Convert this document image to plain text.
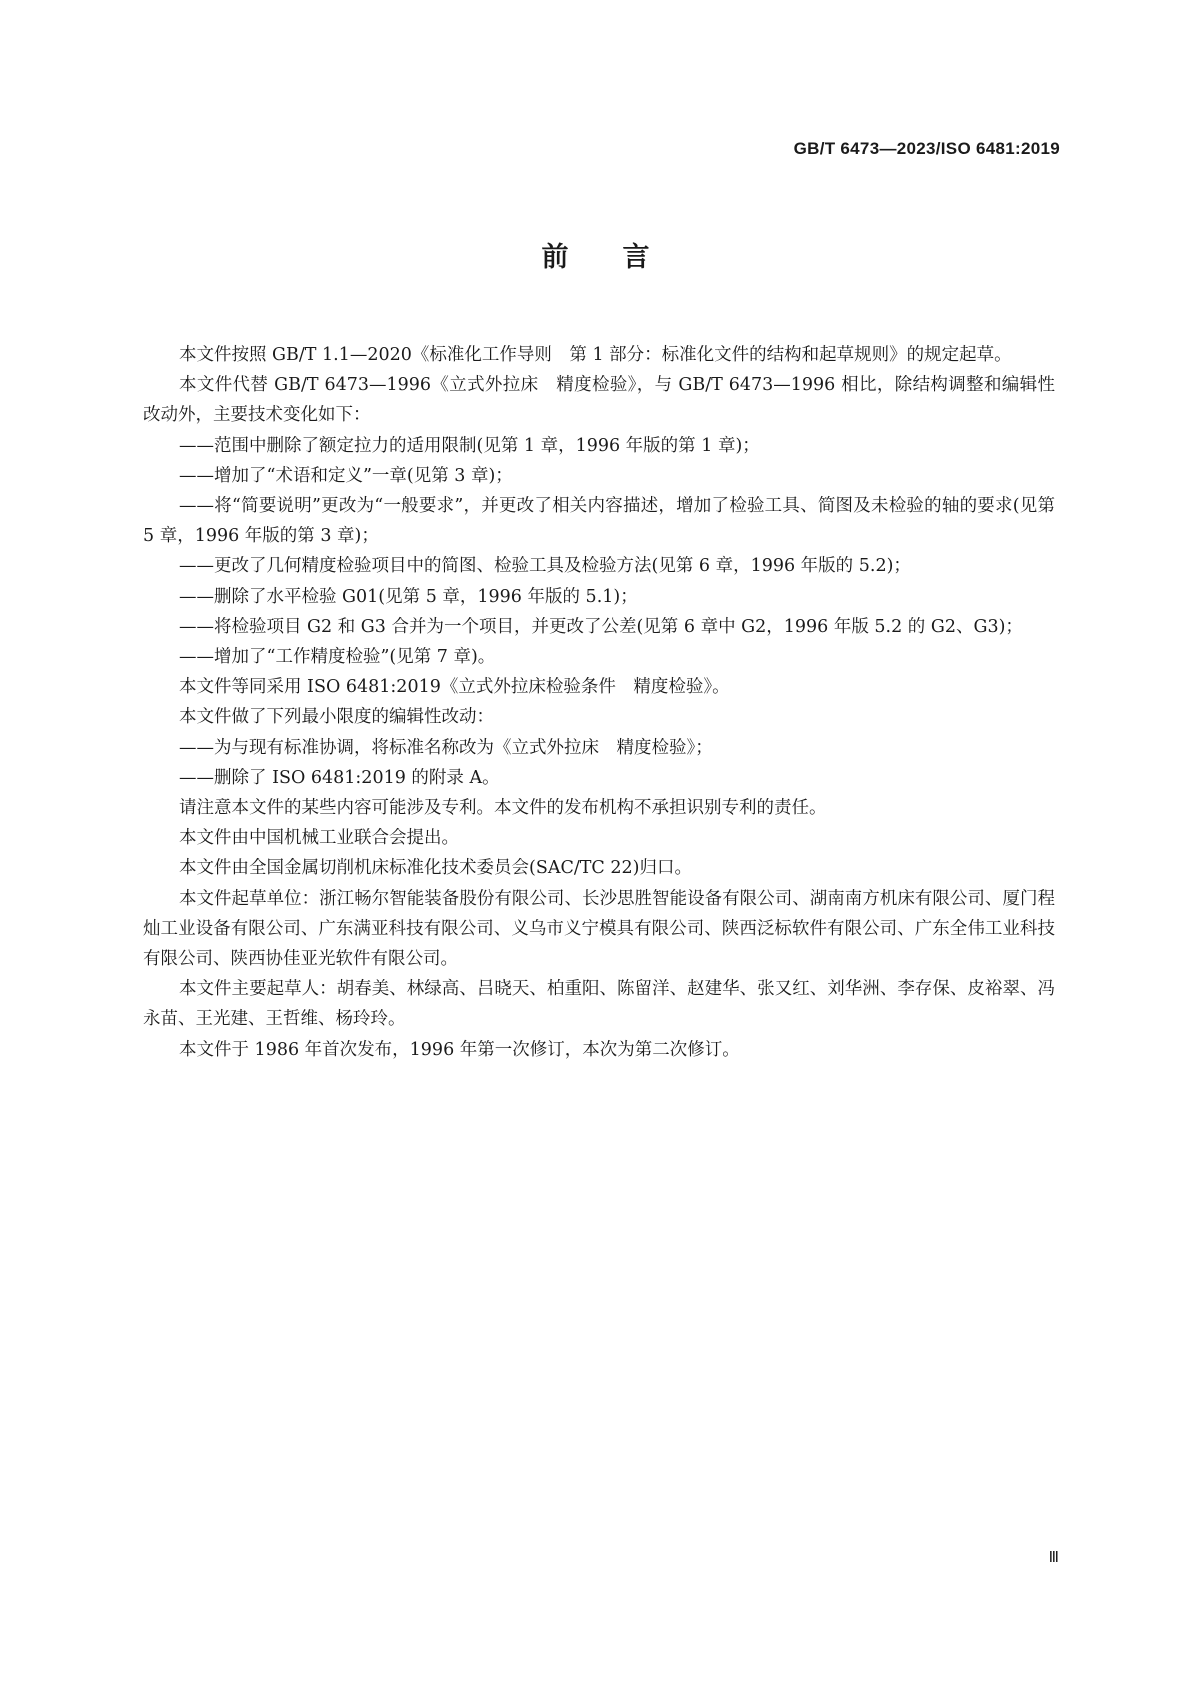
GB/T 6473—2023/ISO 6481:2019
前 言

本文件按照 GB/T 1.1—2020《标准化工作导则　第 1 部分：标准化文件的结构和起草规则》的规定起草。

本文件代替 GB/T 6473—1996《立式外拉床　精度检验》，与 GB/T 6473—1996 相比，除结构调整和编辑性改动外，主要技术变化如下：

——范围中删除了额定拉力的适用限制(见第 1 章，1996 年版的第 1 章)；

——增加了“术语和定义”一章(见第 3 章)；

——将“简要说明”更改为“一般要求”，并更改了相关内容描述，增加了检验工具、简图及未检验的轴的要求(见第 5 章，1996 年版的第 3 章)；

——更改了几何精度检验项目中的简图、检验工具及检验方法(见第 6 章，1996 年版的 5.2)；

——删除了水平检验 G01(见第 5 章，1996 年版的 5.1)；

——将检验项目 G2 和 G3 合并为一个项目，并更改了公差(见第 6 章中 G2，1996 年版 5.2 的 G2、G3)；

——增加了“工作精度检验”(见第 7 章)。

本文件等同采用 ISO 6481:2019《立式外拉床检验条件　精度检验》。

本文件做了下列最小限度的编辑性改动：

——为与现有标准协调，将标准名称改为《立式外拉床　精度检验》；

——删除了 ISO 6481:2019 的附录 A。

请注意本文件的某些内容可能涉及专利。本文件的发布机构不承担识别专利的责任。

本文件由中国机械工业联合会提出。

本文件由全国金属切削机床标准化技术委员会(SAC/TC 22)归口。

本文件起草单位：浙江畅尔智能装备股份有限公司、长沙思胜智能设备有限公司、湖南南方机床有限公司、厦门程灿工业设备有限公司、广东满亚科技有限公司、义乌市义宁模具有限公司、陕西泛标软件有限公司、广东全伟工业科技有限公司、陕西协佳亚光软件有限公司。

本文件主要起草人：胡春美、林绿高、吕晓天、柏重阳、陈留洋、赵建华、张又红、刘华洲、李存保、皮裕翠、冯永苗、王光建、王哲维、杨玲玲。

本文件于 1986 年首次发布，1996 年第一次修订，本次为第二次修订。

Ⅲ
